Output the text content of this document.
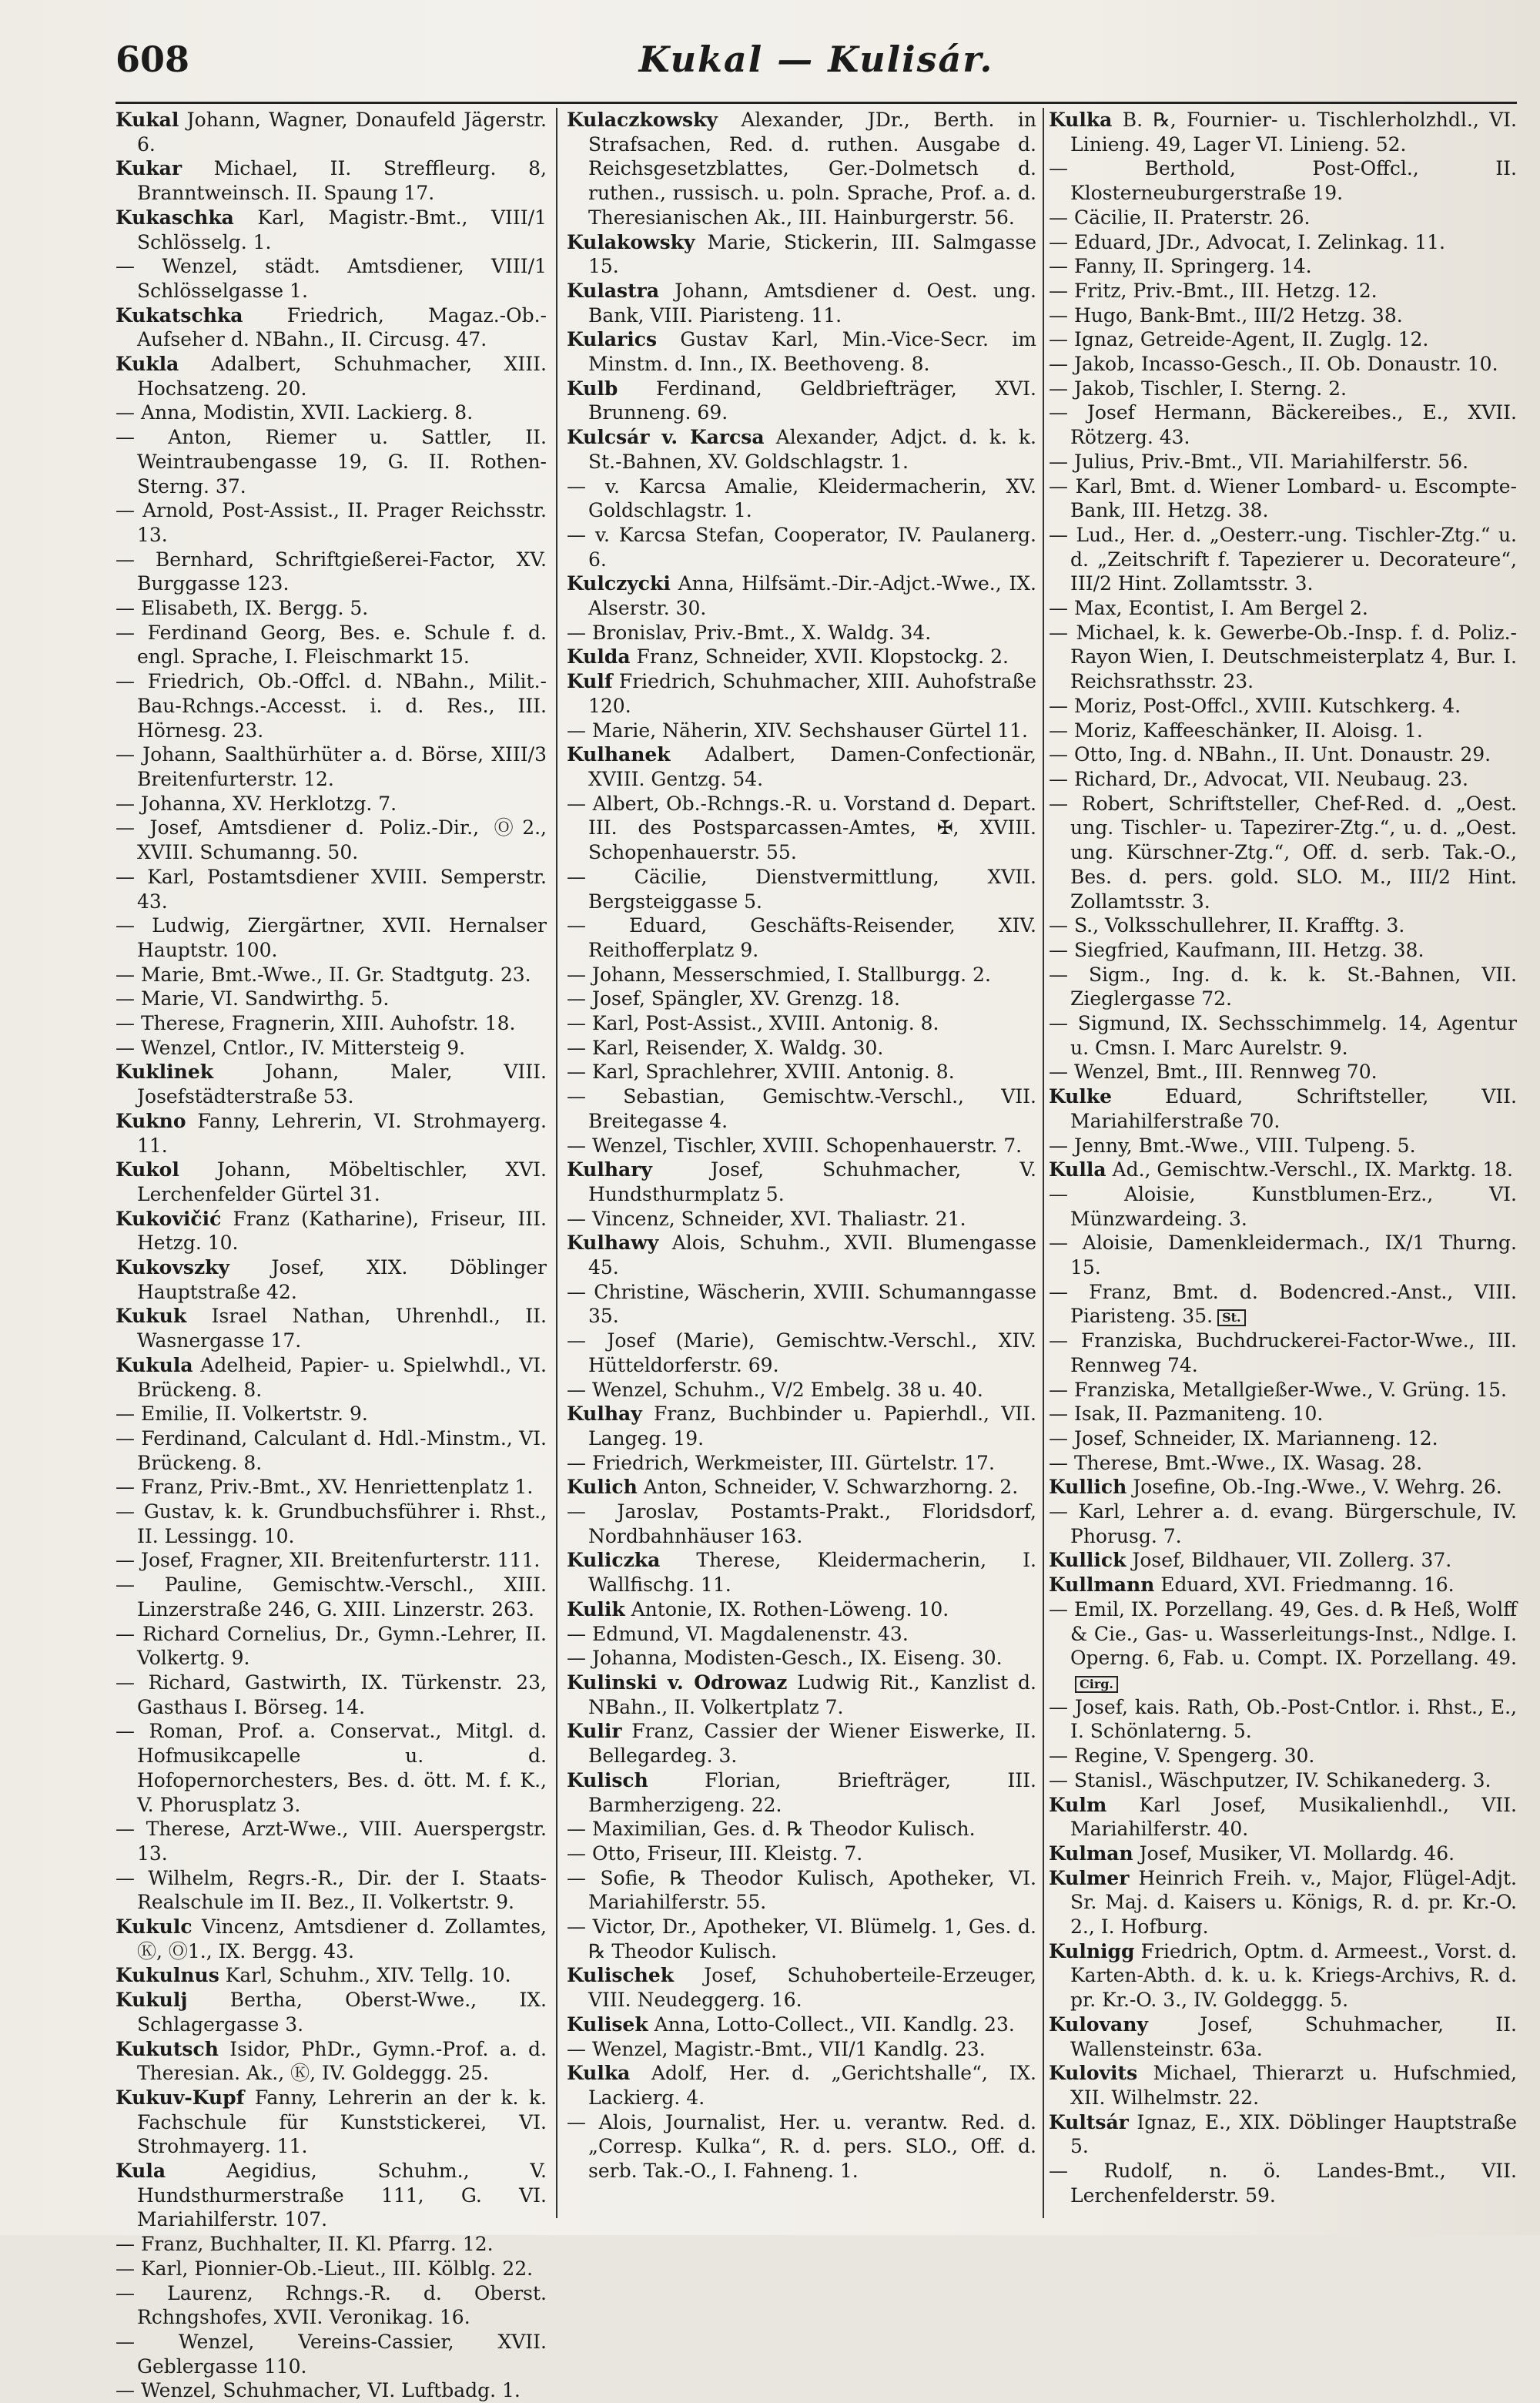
608	Kukal — Kulisár.

Kukal Johann, Wagner, Donaufeld Jägerstr. 6.

Kukar Michael, II. Streffleurg. 8, Branntweinsch. II. Spaung 17.

Kukaschka Karl, Magistr.-Bmt., VIII/1 Schlösselg. 1.

— Wenzel, städt. Amtsdiener, VIII/1 Schlösselgasse 1.

Kukatschka Friedrich, Magaz.-Ob.-Aufseher d. NBahn., II. Circusg. 47.

Kukla Adalbert, Schuhmacher, XIII. Hochsatzeng. 20.

— Anna, Modistin, XVII. Lackierg. 8.

— Anton, Riemer u. Sattler, II. Weintraubengasse 19, G. II. Rothen-Sterng. 37.

— Arnold, Post-Assist., II. Prager Reichsstr. 13.

— Bernhard, Schriftgießerei-Factor, XV. Burggasse 123.

— Elisabeth, IX. Bergg. 5.

— Ferdinand Georg, Bes. e. Schule f. d. engl. Sprache, I. Fleischmarkt 15.

— Friedrich, Ob.-Offcl. d. NBahn., Milit.-Bau-Rchngs.-Accesst. i. d. Res., III. Hörnesg. 23.

— Johann, Saalthürhüter a. d. Börse, XIII/3 Breitenfurterstr. 12.

— Johanna, XV. Herklotzg. 7.

— Josef, Amtsdiener d. Poliz.-Dir., Ⓞ2., XVIII. Schumanng. 50.

— Karl, Postamtsdiener XVIII. Semperstr. 43.

— Ludwig, Ziergärtner, XVII. Hernalser Hauptstr. 100.

— Marie, Bmt.-Wwe., II. Gr. Stadtgutg. 23.

— Marie, VI. Sandwirthg. 5.

— Therese, Fragnerin, XIII. Auhofstr. 18.

— Wenzel, Cntlor., IV. Mittersteig 9.

Kuklinek Johann, Maler, VIII. Josefstädterstraße 53.

Kukno Fanny, Lehrerin, VI. Strohmayerg. 11.

Kukol Johann, Möbeltischler, XVI. Lerchenfelder Gürtel 31.

Kukovičić Franz (Katharine), Friseur, III. Hetzg. 10.

Kukovszky Josef, XIX. Döblinger Hauptstraße 42.

Kukuk Israel Nathan, Uhrenhdl., II. Wasnergasse 17.

Kukula Adelheid, Papier- u. Spielwhdl., VI. Brückeng. 8.

— Emilie, II. Volkertstr. 9.

— Ferdinand, Calculant d. Hdl.-Minstm., VI. Brückeng. 8.

— Franz, Priv.-Bmt., XV. Henriettenplatz 1.

— Gustav, k. k. Grundbuchsführer i. Rhst., II. Lessingg. 10.

— Josef, Fragner, XII. Breitenfurterstr. 111.

— Pauline, Gemischtw.-Verschl., XIII. Linzerstraße 246, G. XIII. Linzerstr. 263.

— Richard Cornelius, Dr., Gymn.-Lehrer, II. Volkertg. 9.

— Richard, Gastwirth, IX. Türkenstr. 23, Gasthaus I. Börseg. 14.

— Roman, Prof. a. Conservat., Mitgl. d. Hofmusikcapelle u. d. Hofopernorchesters, Bes. d. ött. M. f. K., V. Phorusplatz 3.

— Therese, Arzt-Wwe., VIII. Auerspergstr. 13.

— Wilhelm, Regrs.-R., Dir. der I. Staats-Realschule im II. Bez., II. Volkertstr. 9.

Kukulc Vincenz, Amtsdiener d. Zollamtes, Ⓚ, Ⓞ1., IX. Bergg. 43.

Kukulnus Karl, Schuhm., XIV. Tellg. 10.

Kukulj Bertha, Oberst-Wwe., IX. Schlagergasse 3.

Kukutsch Isidor, PhDr., Gymn.-Prof. a. d. Theresian. Ak., Ⓚ, IV. Goldeggg. 25.

Kukuv-Kupf Fanny, Lehrerin an der k. k. Fachschule für Kunststickerei, VI. Strohmayerg. 11.

Kula Aegidius, Schuhm., V. Hundsthurmerstraße 111, G. VI. Mariahilferstr. 107.

— Franz, Buchhalter, II. Kl. Pfarrg. 12.

— Karl, Pionnier-Ob.-Lieut., III. Kölblg. 22.

— Laurenz, Rchngs.-R. d. Oberst. Rchngshofes, XVII. Veronikag. 16.

— Wenzel, Vereins-Cassier, XVII. Geblergasse 110.

— Wenzel, Schuhmacher, VI. Luftbadg. 1.

Kulaczkowsky Alexander, JDr., Berth. in Strafsachen, Red. d. ruthen. Ausgabe d. Reichsgesetzblattes, Ger.-Dolmetsch d. ruthen., russisch. u. poln. Sprache, Prof. a. d. Theresianischen Ak., III. Hainburgerstr. 56.

Kulakowsky Marie, Stickerin, III. Salmgasse 15.

Kulastra Johann, Amtsdiener d. Oest. ung. Bank, VIII. Piaristeng. 11.

Kularics Gustav Karl, Min.-Vice-Secr. im Minstm. d. Inn., IX. Beethoveng. 8.

Kulb Ferdinand, Geldbriefträger, XVI. Brunneng. 69.

Kulcsár v. Karcsa Alexander, Adjct. d. k. k. St.-Bahnen, XV. Goldschlagstr. 1.

— v. Karcsa Amalie, Kleidermacherin, XV. Goldschlagstr. 1.

— v. Karcsa Stefan, Cooperator, IV. Paulanerg. 6.

Kulczycki Anna, Hilfsämt.-Dir.-Adjct.-Wwe., IX. Alserstr. 30.

— Bronislav, Priv.-Bmt., X. Waldg. 34.

Kulda Franz, Schneider, XVII. Klopstockg. 2.

Kulf Friedrich, Schuhmacher, XIII. Auhofstraße 120.

— Marie, Näherin, XIV. Sechshauser Gürtel 11.

Kulhanek Adalbert, Damen-Confectionär, XVIII. Gentzg. 54.

— Albert, Ob.-Rchngs.-R. u. Vorstand d. Depart. III. des Postsparcassen-Amtes, ✠, XVIII. Schopenhauerstr. 55.

— Cäcilie, Dienstvermittlung, XVII. Bergsteiggasse 5.

— Eduard, Geschäfts-Reisender, XIV. Reithofferplatz 9.

— Johann, Messerschmied, I. Stallburgg. 2.

— Josef, Spängler, XV. Grenzg. 18.

— Karl, Post-Assist., XVIII. Antonig. 8.

— Karl, Reisender, X. Waldg. 30.

— Karl, Sprachlehrer, XVIII. Antonig. 8.

— Sebastian, Gemischtw.-Verschl., VII. Breitegasse 4.

— Wenzel, Tischler, XVIII. Schopenhauerstr. 7.

Kulhary Josef, Schuhmacher, V. Hundsthurmplatz 5.

— Vincenz, Schneider, XVI. Thaliastr. 21.

Kulhawy Alois, Schuhm., XVII. Blumengasse 45.

— Christine, Wäscherin, XVIII. Schumanngasse 35.

— Josef (Marie), Gemischtw.-Verschl., XIV. Hütteldorferstr. 69.

— Wenzel, Schuhm., V/2 Embelg. 38 u. 40.

Kulhay Franz, Buchbinder u. Papierhdl., VII. Langeg. 19.

— Friedrich, Werkmeister, III. Gürtelstr. 17.

Kulich Anton, Schneider, V. Schwarzhorng. 2.

— Jaroslav, Postamts-Prakt., Floridsdorf, Nordbahnhäuser 163.

Kuliczka Therese, Kleidermacherin, I. Wallfischg. 11.

Kulik Antonie, IX. Rothen-Löweng. 10.

— Edmund, VI. Magdalenenstr. 43.

— Johanna, Modisten-Gesch., IX. Eiseng. 30.

Kulinski v. Odrowaz Ludwig Rit., Kanzlist d. NBahn., II. Volkertplatz 7.

Kulir Franz, Cassier der Wiener Eiswerke, II. Bellegardeg. 3.

Kulisch Florian, Briefträger, III. Barmherzigeng. 22.

— Maximilian, Ges. d. ℞ Theodor Kulisch.

— Otto, Friseur, III. Kleistg. 7.

— Sofie, ℞ Theodor Kulisch, Apotheker, VI. Mariahilferstr. 55.

— Victor, Dr., Apotheker, VI. Blümelg. 1, Ges. d. ℞ Theodor Kulisch.

Kulischek Josef, Schuhoberteile-Erzeuger, VIII. Neudeggerg. 16.

Kulisek Anna, Lotto-Collect., VII. Kandlg. 23.

— Wenzel, Magistr.-Bmt., VII/1 Kandlg. 23.

Kulka Adolf, Her. d. „Gerichtshalle“, IX. Lackierg. 4.

— Alois, Journalist, Her. u. verantw. Red. d. „Corresp. Kulka“, R. d. pers. SLO., Off. d. serb. Tak.-O., I. Fahneng. 1.

Kulka B. ℞, Fournier- u. Tischlerholzhdl., VI. Linieng. 49, Lager VI. Linieng. 52.

— Berthold, Post-Offcl., II. Klosterneuburgerstraße 19.

— Cäcilie, II. Praterstr. 26.

— Eduard, JDr., Advocat, I. Zelinkag. 11.

— Fanny, II. Springerg. 14.

— Fritz, Priv.-Bmt., III. Hetzg. 12.

— Hugo, Bank-Bmt., III/2 Hetzg. 38.

— Ignaz, Getreide-Agent, II. Zuglg. 12.

— Jakob, Incasso-Gesch., II. Ob. Donaustr. 10.

— Jakob, Tischler, I. Sterng. 2.

— Josef Hermann, Bäckereibes., E., XVII. Rötzerg. 43.

— Julius, Priv.-Bmt., VII. Mariahilferstr. 56.

— Karl, Bmt. d. Wiener Lombard- u. Escompte-Bank, III. Hetzg. 38.

— Lud., Her. d. „Oesterr.-ung. Tischler-Ztg.“ u. d. „Zeitschrift f. Tapezierer u. Decorateure“, III/2 Hint. Zollamtsstr. 3.

— Max, Econtist, I. Am Bergel 2.

— Michael, k. k. Gewerbe-Ob.-Insp. f. d. Poliz.-Rayon Wien, I. Deutschmeisterplatz 4, Bur. I. Reichsrathsstr. 23.

— Moriz, Post-Offcl., XVIII. Kutschkerg. 4.

— Moriz, Kaffeeschänker, II. Aloisg. 1.

— Otto, Ing. d. NBahn., II. Unt. Donaustr. 29.

— Richard, Dr., Advocat, VII. Neubaug. 23.

— Robert, Schriftsteller, Chef-Red. d. „Oest. ung. Tischler- u. Tapezirer-Ztg.“, u. d. „Oest. ung. Kürschner-Ztg.“, Off. d. serb. Tak.-O., Bes. d. pers. gold. SLO. M., III/2 Hint. Zollamtsstr. 3.

— S., Volksschullehrer, II. Krafftg. 3.

— Siegfried, Kaufmann, III. Hetzg. 38.

— Sigm., Ing. d. k. k. St.-Bahnen, VII. Zieglergasse 72.

— Sigmund, IX. Sechsschimmelg. 14, Agentur u. Cmsn. I. Marc Aurelstr. 9.

— Wenzel, Bmt., III. Rennweg 70.

Kulke Eduard, Schriftsteller, VII. Mariahilferstraße 70.

— Jenny, Bmt.-Wwe., VIII. Tulpeng. 5.

Kulla Ad., Gemischtw.-Verschl., IX. Marktg. 18.

— Aloisie, Kunstblumen-Erz., VI. Münzwardeing. 3.

— Aloisie, Damenkleidermach., IX/1 Thurng. 15.

— Franz, Bmt. d. Bodencred.-Anst., VIII. Piaristeng. 35. St.

— Franziska, Buchdruckerei-Factor-Wwe., III. Rennweg 74.

— Franziska, Metallgießer-Wwe., V. Grüng. 15.

— Isak, II. Pazmaniteng. 10.

— Josef, Schneider, IX. Marianneng. 12.

— Therese, Bmt.-Wwe., IX. Wasag. 28.

Kullich Josefine, Ob.-Ing.-Wwe., V. Wehrg. 26.

— Karl, Lehrer a. d. evang. Bürgerschule, IV. Phorusg. 7.

Kullick Josef, Bildhauer, VII. Zollerg. 37.

Kullmann Eduard, XVI. Friedmanng. 16.

— Emil, IX. Porzellang. 49, Ges. d. ℞ Heß, Wolff & Cie., Gas- u. Wasserleitungs-Inst., Ndlge. I. Operng. 6, Fab. u. Compt. IX. Porzellang. 49.Cirg.

— Josef, kais. Rath, Ob.-Post-Cntlor. i. Rhst., E., I. Schönlaterng. 5.

— Regine, V. Spengerg. 30.

— Stanisl., Wäschputzer, IV. Schikanederg. 3.

Kulm Karl Josef, Musikalienhdl., VII. Mariahilferstr. 40.

Kulman Josef, Musiker, VI. Mollardg. 46.

Kulmer Heinrich Freih. v., Major, Flügel-Adjt. Sr. Maj. d. Kaisers u. Königs, R. d. pr. Kr.-O. 2., I. Hofburg.

Kulnigg Friedrich, Optm. d. Armeest., Vorst. d. Karten-Abth. d. k. u. k. Kriegs-Archivs, R. d. pr. Kr.-O. 3., IV. Goldeggg. 5.

Kulovany Josef, Schuhmacher, II. Wallensteinstr. 63a.

Kulovits Michael, Thierarzt u. Hufschmied, XII. Wilhelmstr. 22.

Kultsár Ignaz, E., XIX. Döblinger Hauptstraße 5.

— Rudolf, n. ö. Landes-Bmt., VII. Lerchenfelderstr. 59.
